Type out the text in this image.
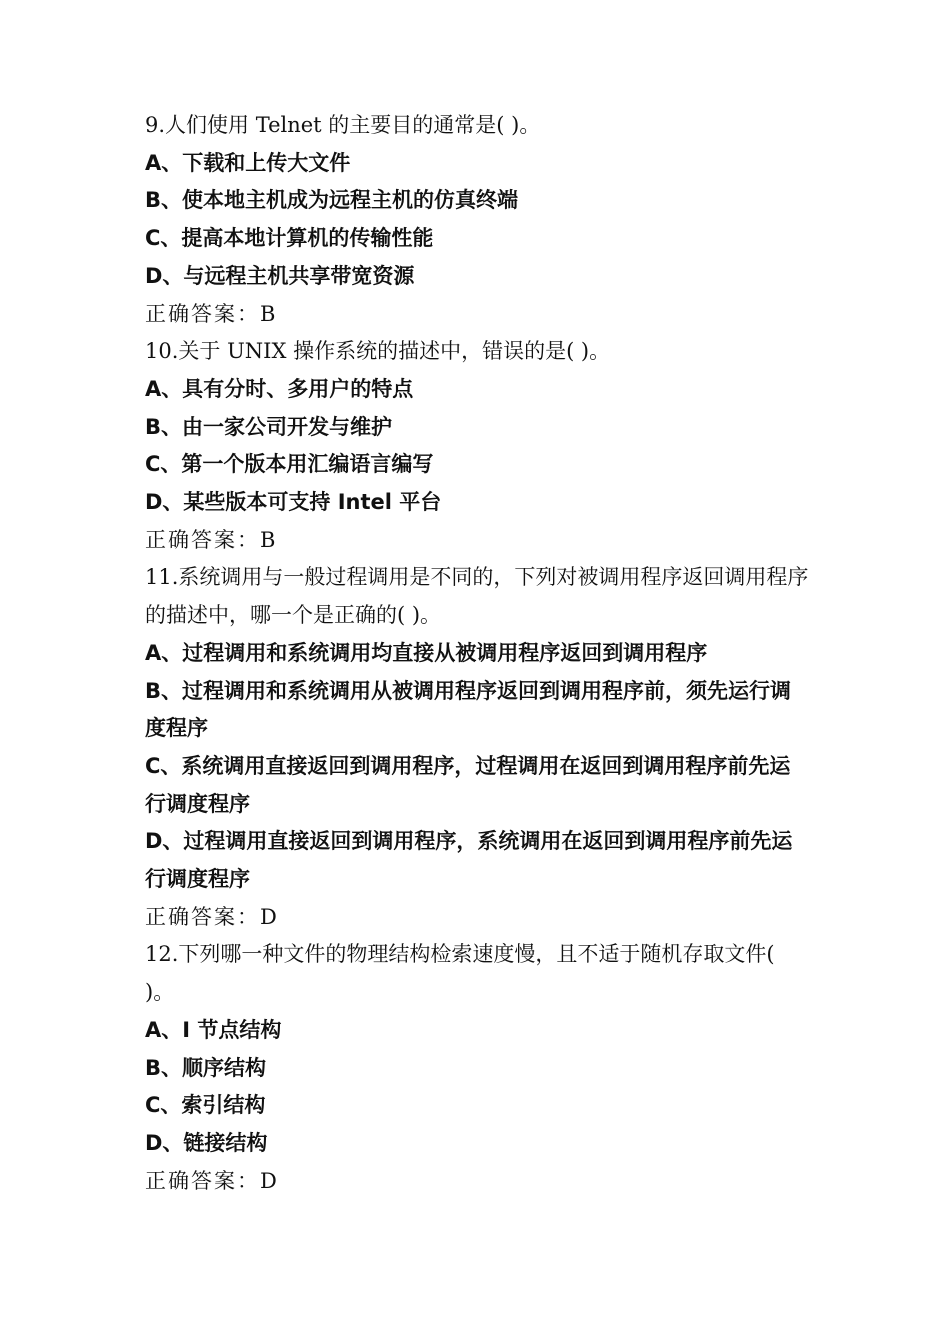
9.人们使用 Telnet 的主要目的通常是( )。
A、下载和上传大文件
B、使本地主机成为远程主机的仿真终端
C、提高本地计算机的传输性能
D、与远程主机共享带宽资源
正确答案：B
10.关于 UNIX 操作系统的描述中，错误的是( )。
A、具有分时、多用户的特点
B、由一家公司开发与维护
C、第一个版本用汇编语言编写
D、某些版本可支持 Intel 平台
正确答案：B
11.系统调用与一般过程调用是不同的，下列对被调用程序返回调用程序的描述中，哪一个是正确的( )。
A、过程调用和系统调用均直接从被调用程序返回到调用程序
B、过程调用和系统调用从被调用程序返回到调用程序前，须先运行调度程序
C、系统调用直接返回到调用程序，过程调用在返回到调用程序前先运行调度程序
D、过程调用直接返回到调用程序，系统调用在返回到调用程序前先运行调度程序
正确答案：D
12.下列哪一种文件的物理结构检索速度慢，且不适于随机存取文件( )。
A、I 节点结构
B、顺序结构
C、索引结构
D、链接结构
正确答案：D
